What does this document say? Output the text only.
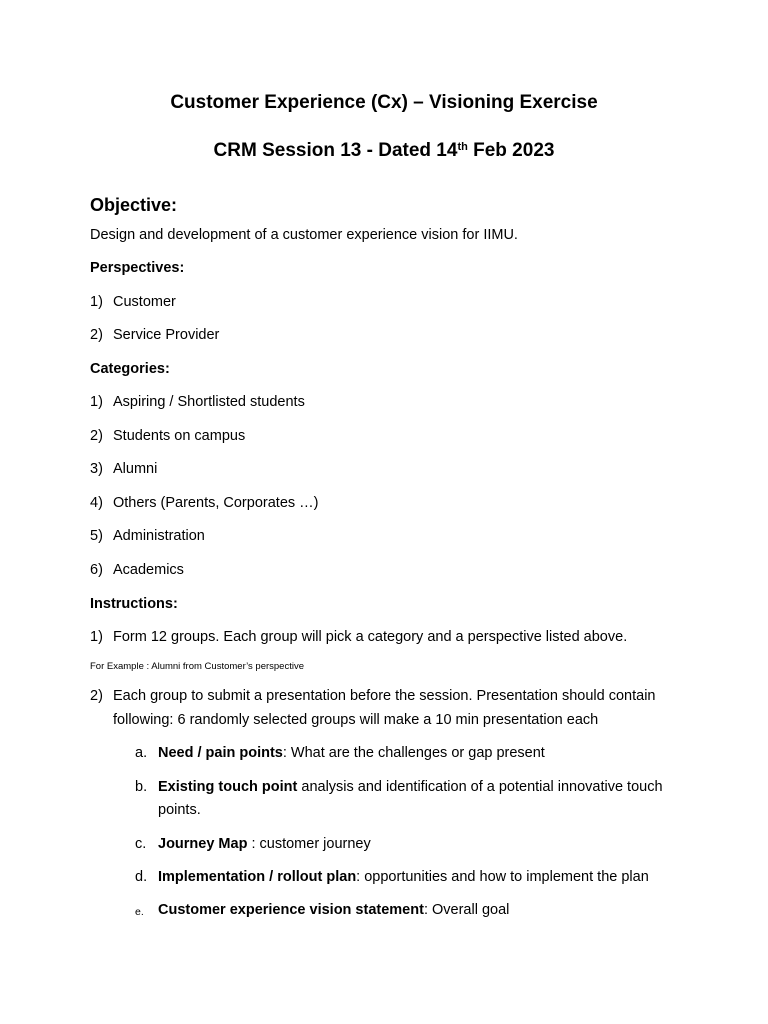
Customer Experience (Cx) – Visioning Exercise
CRM Session 13 - Dated 14th Feb 2023
Objective:

Design and development of a customer experience vision for IIMU.

Perspectives:

1) Customer
2) Service Provider

Categories:

1) Aspiring / Shortlisted students
2) Students on campus
3) Alumni
4) Others (Parents, Corporates …)
5) Administration
6) Academics

Instructions:

1) Form 12 groups. Each group will pick a category and a perspective listed above.

For Example : Alumni from Customer’s perspective

2) Each group to submit a presentation before the session. Presentation should contain following: 6 randomly selected groups will make a 10 min presentation each
a. Need / pain points: What are the challenges or gap present
b. Existing touch point analysis and identification of a potential innovative touch points.
c. Journey Map : customer journey
d. Implementation / rollout plan: opportunities and how to implement the plan
e. Customer experience vision statement: Overall goal
